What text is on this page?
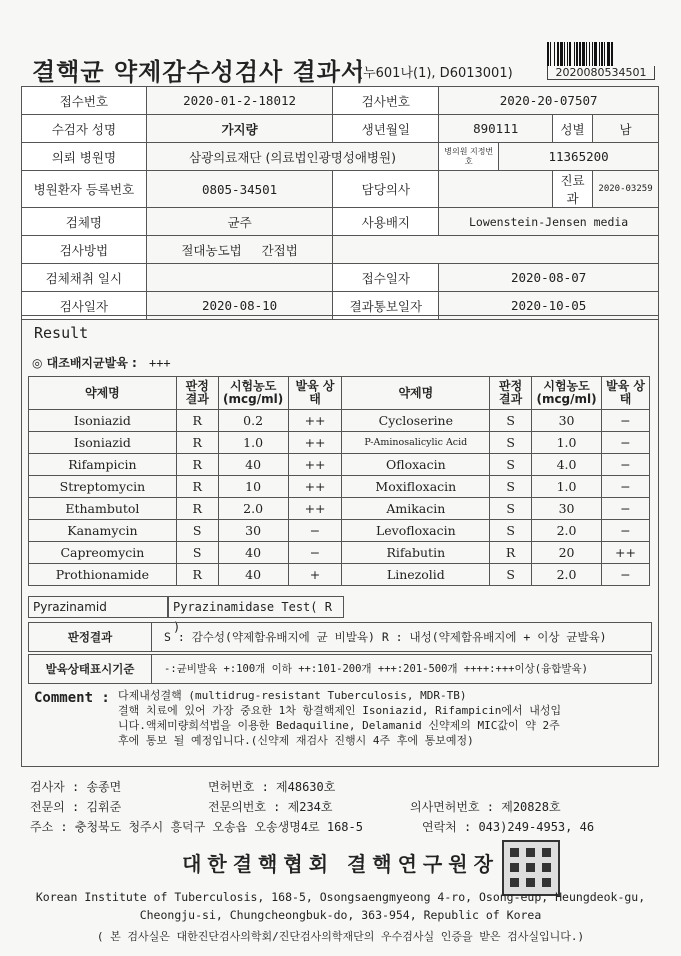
결핵균 약제감수성검사 결과서
(누601나(1), D6013001)	2020080534501
접수번호	2020-01-2-18012	검사번호	2020-20-07507			
수검자 성명	가지량	생년월일	890111		성별	남
의뢰 병원명	삼광의료재단 (의료법인광명성애병원)		병의원 지정번호	11365200		
병원환자 등록번호	0805-34501	담당의사			진료과	2020-03259
검체명	균주	사용배지	Lowenstein-Jensen media			
검사방법	절대농도법 간접법					
검체채취 일시		접수일자	2020-08-07			
검사일자	2020-08-10	결과통보일자	2020-10-05			
Result
◎ 대조배지균발육 : +++
약제명	판정 결과	시험농도 (mcg/ml)	발육 상태	약제명	판정 결과	시험농도 (mcg/ml)	발육 상태
Isoniazid	R	0.2	++	Cycloserine	S	30	−
Isoniazid	R	1.0	++	P-Aminosalicylic Acid	S	1.0	−
Rifampicin	R	40	++	Ofloxacin	S	4.0	−
Streptomycin	R	10	++	Moxifloxacin	S	1.0	−
Ethambutol	R	2.0	++	Amikacin	S	30	−
Kanamycin	S	30	−	Levofloxacin	S	2.0	−
Capreomycin	S	40	−	Rifabutin	R	20	++
Prothionamide	R	40	+	Linezolid	S	2.0	−
Pyrazinamid	Pyrazinamidase Test( R )
판정결과	S : 감수성(약제함유배지에 균 비발육) R : 내성(약제함유배지에 + 이상 균발육)
발육상태표시기준	-:균비발육 +:100개 이하 ++:101-200개 +++:201-500개 ++++:+++이상(융합발육)
Comment : 다제내성결핵 (multidrug-resistant Tuberculosis, MDR-TB)
결핵 치료에 있어 가장 중요한 1차 항결핵제인 Isoniazid, Rifampicin에서 내성입
니다.액체미량희석법을 이용한 Bedaquiline, Delamanid 신약제의 MIC값이 약 2주
후에 통보 될 예정입니다.(신약제 재검사 진행시 4주 후에 통보예정)
검사자 : 송종면	면허번호 : 제48630호
전문의 : 김휘준	전문의번호 : 제234호	의사면허번호 : 제20828호
주소 : 충청북도 청주시 흥덕구 오송읍 오송생명4로 168-5	연락처 : 043)249-4953, 46
대한결핵협회 결핵연구원장
Korean Institute of Tuberculosis, 168-5, Osongsaengmyeong 4-ro, Osong-eup, Heungdeok-gu,
Cheongju-si, Chungcheongbuk-do, 363-954, Republic of Korea
( 본 검사실은 대한진단검사의학회/진단검사의학재단의 우수검사실 인증을 받은 검사실입니다.)
